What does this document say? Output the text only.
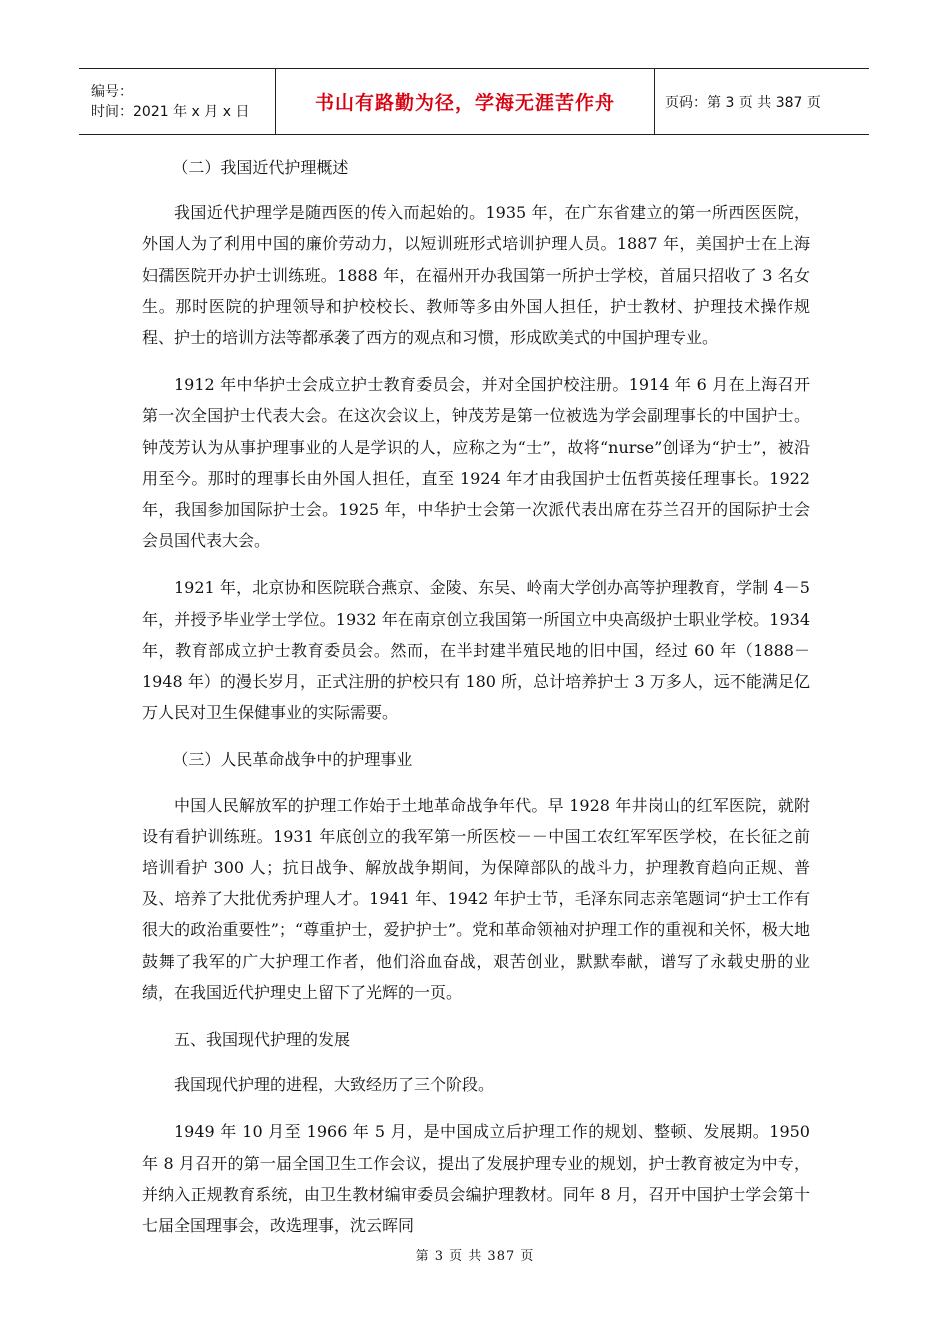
编号：
时间：2021 年 x 月 x 日	书山有路勤为径，学海无涯苦作舟	页码：第 3 页 共 387 页

（二）我国近代护理概述

我国近代护理学是随西医的传入而起始的。1935 年，在广东省建立的第一所西医医院，外国人为了利用中国的廉价劳动力，以短训班形式培训护理人员。1887 年，美国护士在上海妇孺医院开办护士训练班。1888 年，在福州开办我国第一所护士学校，首届只招收了 3 名女生。那时医院的护理领导和护校校长、教师等多由外国人担任，护士教材、护理技术操作规程、护士的培训方法等都承袭了西方的观点和习惯，形成欧美式的中国护理专业。

1912 年中华护士会成立护士教育委员会，并对全国护校注册。1914 年 6 月在上海召开第一次全国护士代表大会。在这次会议上，钟茂芳是第一位被选为学会副理事长的中国护士。钟茂芳认为从事护理事业的人是学识的人，应称之为“士”，故将“nurse”创译为“护士”，被沿用至今。那时的理事长由外国人担任，直至 1924 年才由我国护士伍哲英接任理事长。1922 年，我国参加国际护士会。1925 年，中华护士会第一次派代表出席在芬兰召开的国际护士会会员国代表大会。

1921 年，北京协和医院联合燕京、金陵、东吴、岭南大学创办高等护理教育，学制 4－5 年，并授予毕业学士学位。1932 年在南京创立我国第一所国立中央高级护士职业学校。1934 年，教育部成立护士教育委员会。然而，在半封建半殖民地的旧中国，经过 60 年（1888－1948 年）的漫长岁月，正式注册的护校只有 180 所，总计培养护士 3 万多人，远不能满足亿万人民对卫生保健事业的实际需要。

（三）人民革命战争中的护理事业

中国人民解放军的护理工作始于土地革命战争年代。早 1928 年井岗山的红军医院，就附设有看护训练班。1931 年底创立的我军第一所医校－－中国工农红军军医学校，在长征之前培训看护 300 人；抗日战争、解放战争期间，为保障部队的战斗力，护理教育趋向正规、普及、培养了大批优秀护理人才。1941 年、1942 年护士节，毛泽东同志亲笔题词“护士工作有很大的政治重要性”；“尊重护士，爱护护士”。党和革命领袖对护理工作的重视和关怀，极大地鼓舞了我军的广大护理工作者，他们浴血奋战，艰苦创业，默默奉献，谱写了永载史册的业绩，在我国近代护理史上留下了光辉的一页。

五、我国现代护理的发展

我国现代护理的进程，大致经历了三个阶段。

1949 年 10 月至 1966 年 5 月，是中国成立后护理工作的规划、整顿、发展期。1950 年 8 月召开的第一届全国卫生工作会议，提出了发展护理专业的规划，护士教育被定为中专，并纳入正规教育系统，由卫生教材编审委员会编护理教材。同年 8 月，召开中国护士学会第十七届全国理事会，改选理事，沈云晖同

第 3 页 共 387 页
